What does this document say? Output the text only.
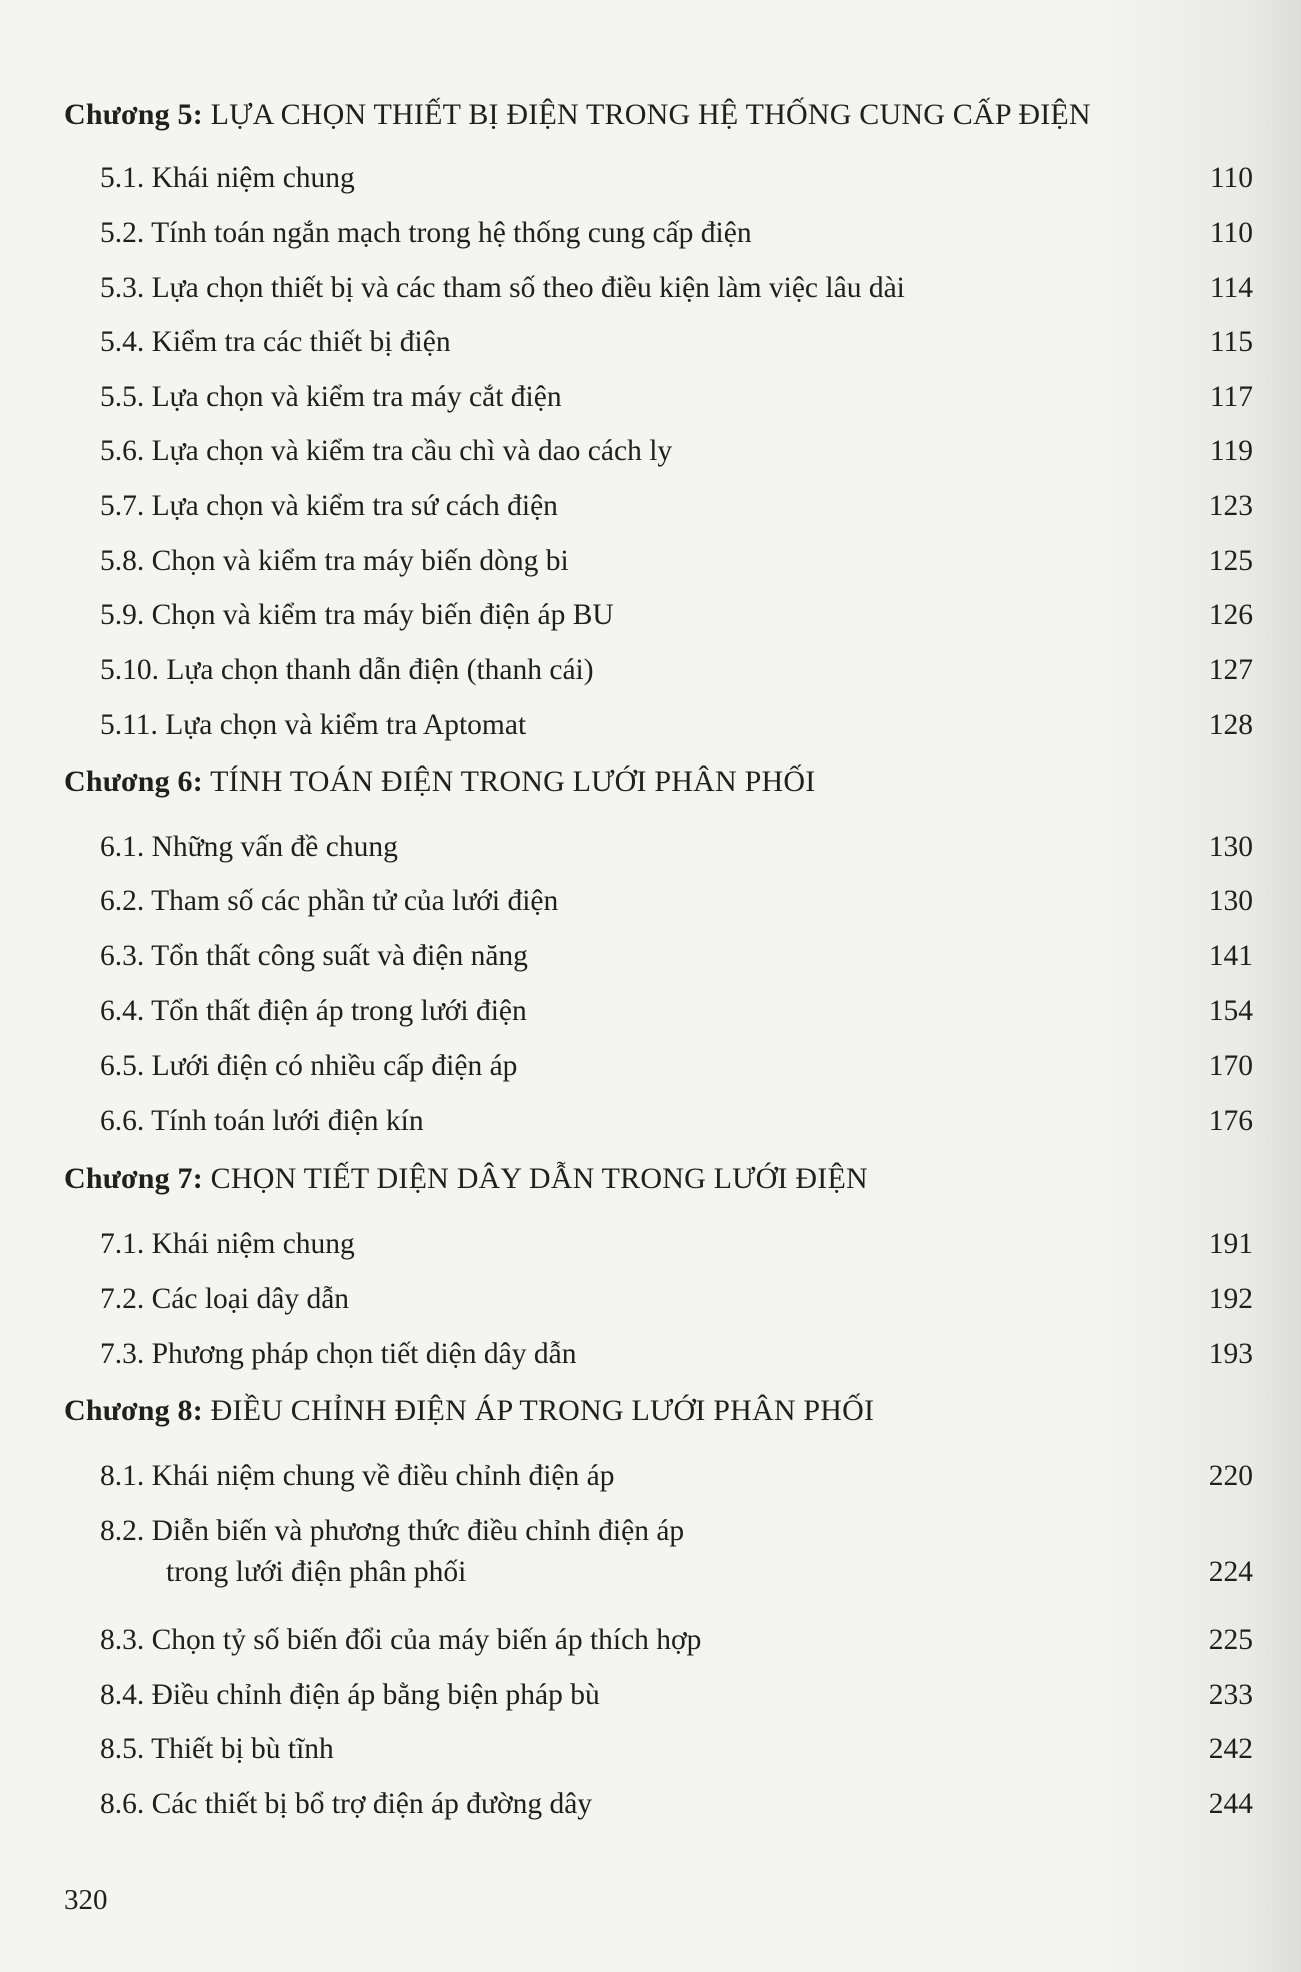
Chương 5: LỰA CHỌN THIẾT BỊ ĐIỆN TRONG HỆ THỐNG CUNG CẤP ĐIỆN
5.1. Khái niệm chung	110
5.2. Tính toán ngắn mạch trong hệ thống cung cấp điện	110
5.3. Lựa chọn thiết bị và các tham số theo điều kiện làm việc lâu dài	114
5.4. Kiểm tra các thiết bị điện	115
5.5. Lựa chọn và kiểm tra máy cắt điện	117
5.6. Lựa chọn và kiểm tra cầu chì và dao cách ly	119
5.7. Lựa chọn và kiểm tra sứ cách điện	123
5.8. Chọn và kiểm tra máy biến dòng bi	125
5.9. Chọn và kiểm tra máy biến điện áp BU	126
5.10. Lựa chọn thanh dẫn điện (thanh cái)	127
5.11. Lựa chọn và kiểm tra Aptomat	128
Chương 6: TÍNH TOÁN ĐIỆN TRONG LƯỚI PHÂN PHỐI
6.1. Những vấn đề chung	130
6.2. Tham số các phần tử của lưới điện	130
6.3. Tổn thất công suất và điện năng	141
6.4. Tổn thất điện áp trong lưới điện	154
6.5. Lưới điện có nhiều cấp điện áp	170
6.6. Tính toán lưới điện kín	176
Chương 7: CHỌN TIẾT DIỆN DÂY DẪN TRONG LƯỚI ĐIỆN
7.1. Khái niệm chung	191
7.2. Các loại dây dẫn	192
7.3. Phương pháp chọn tiết diện dây dẫn	193
Chương 8: ĐIỀU CHỈNH ĐIỆN ÁP TRONG LƯỚI PHÂN PHỐI
8.1. Khái niệm chung về điều chỉnh điện áp	220
8.2. Diễn biến và phương thức điều chỉnh điện áp
trong lưới điện phân phối	224
8.3. Chọn tỷ số biến đổi của máy biến áp thích hợp	225
8.4. Điều chỉnh điện áp bằng biện pháp bù	233
8.5. Thiết bị bù tĩnh	242
8.6. Các thiết bị bổ trợ điện áp đường dây	244
320
